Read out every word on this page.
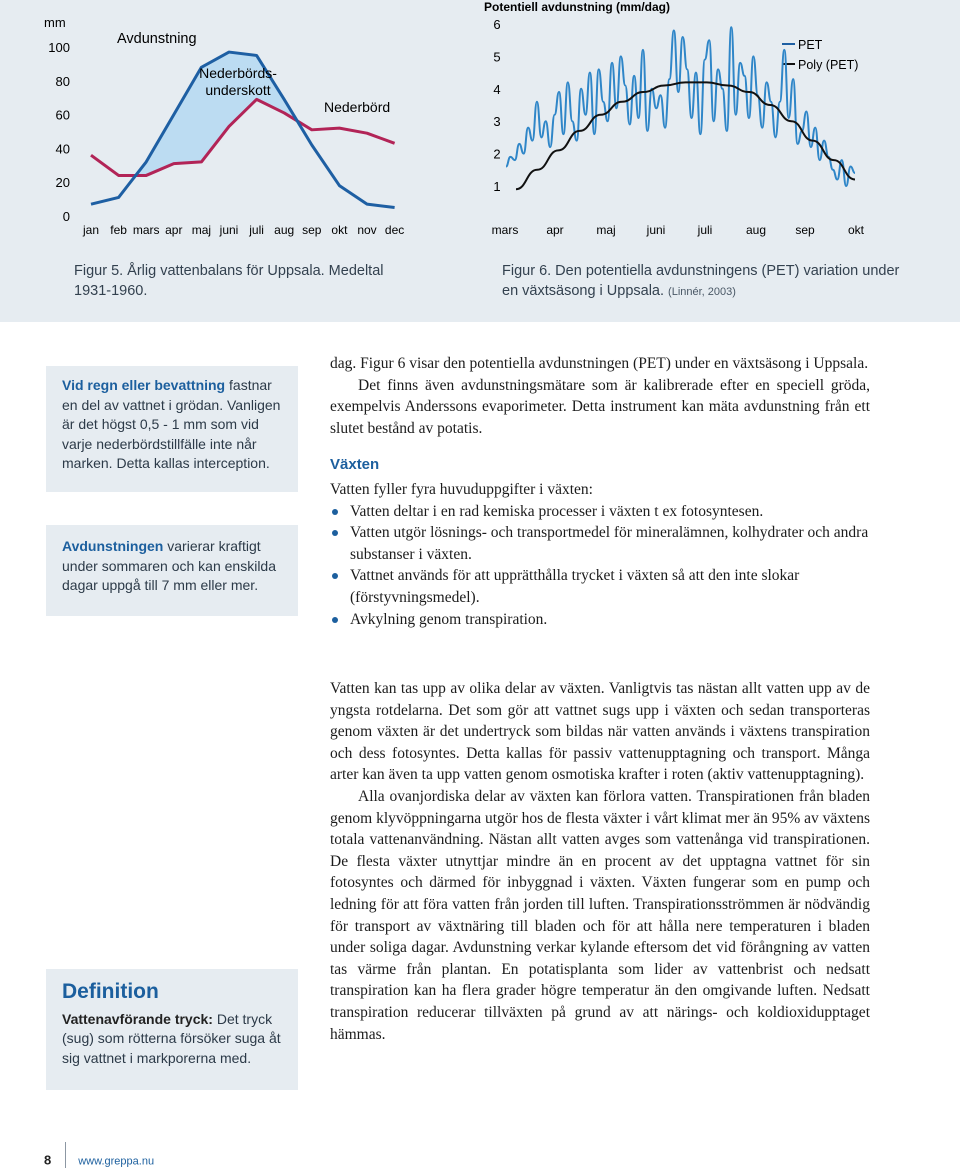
mm
0
20
40
60
80
100
jan feb mars apr maj juni juli aug sep okt nov dec
Avdunstning
Nederbörds-
underskott
Nederbörd
Figur 5. Årlig vattenbalans för Uppsala. Medeltal 1931-1960.
Potentiell avdunstning (mm/dag)
1
2
3
4
5
6
mars apr	maj	juni	juli	aug sep	okt
PET
Poly (PET)
Figur 6. Den potentiella avdunstningens (PET) variation under en växtsäsong i Uppsala. (Linnér, 2003)
Vid regn eller bevattning fastnar en del av vattnet i grödan. Vanligen är det högst 0,5 - 1 mm som vid varje nederbördstillfälle inte når marken. Detta kallas interception.
Avdunstningen varierar kraftigt under sommaren och kan enskilda dagar uppgå till 7 mm eller mer.
Definition
Vattenavförande tryck: Det tryck (sug) som rötterna försöker suga åt sig vattnet i markporerna med.

dag. Figur 6 visar den potentiella avdunstningen (PET) under en växtsäsong i Uppsala.

Det finns även avdunstningsmätare som är kalibrerade efter en speciell gröda, exempelvis Anderssons evaporimeter. Detta instrument kan mäta avdunstning från ett slutet bestånd av potatis.

Växten

Vatten fyller fyra huvuduppgifter i växten:

Vatten deltar i en rad kemiska processer i växten t ex fotosyntesen.
Vatten utgör lösnings- och transportmedel för mineralämnen, kolhydrater och andra substanser i växten.
Vattnet används för att upprätthålla trycket i växten så att den inte slokar (förstyvningsmedel).
Avkylning genom transpiration.

Vatten kan tas upp av olika delar av växten. Vanligtvis tas nästan allt vatten upp av de yngsta rotdelarna. Det som gör att vattnet sugs upp i växten och sedan transporteras genom växten är det undertryck som bildas när vatten används i växtens transpiration och dess fotosyntes. Detta kallas för passiv vattenupptagning och transport. Många arter kan även ta upp vatten genom osmotiska krafter i roten (aktiv vattenupptagning).

Alla ovanjordiska delar av växten kan förlora vatten. Transpirationen från bladen genom klyvöppningarna utgör hos de flesta växter i vårt klimat mer än 95% av växtens totala vattenanvändning. Nästan allt vatten avges som vattenånga vid transpirationen. De flesta växter utnyttjar mindre än en procent av det upptagna vattnet för sin fotosyntes och därmed för inbyggnad i växten. Växten fungerar som en pump och ledning för att föra vatten från jorden till luften. Transpirationsströmmen är nödvändig för transport av växtnäring till bladen och för att hålla nere temperaturen i bladen under soliga dagar. Avdunstning verkar kylande eftersom det vid förångning av vatten tas värme från plantan. En potatisplanta som lider av vattenbrist och nedsatt transpiration kan ha flera grader högre temperatur än den omgivande luften. Nedsatt transpiration reducerar tillväxten på grund av att närings- och koldioxidupptaget hämmas.

8 www.greppa.nu
